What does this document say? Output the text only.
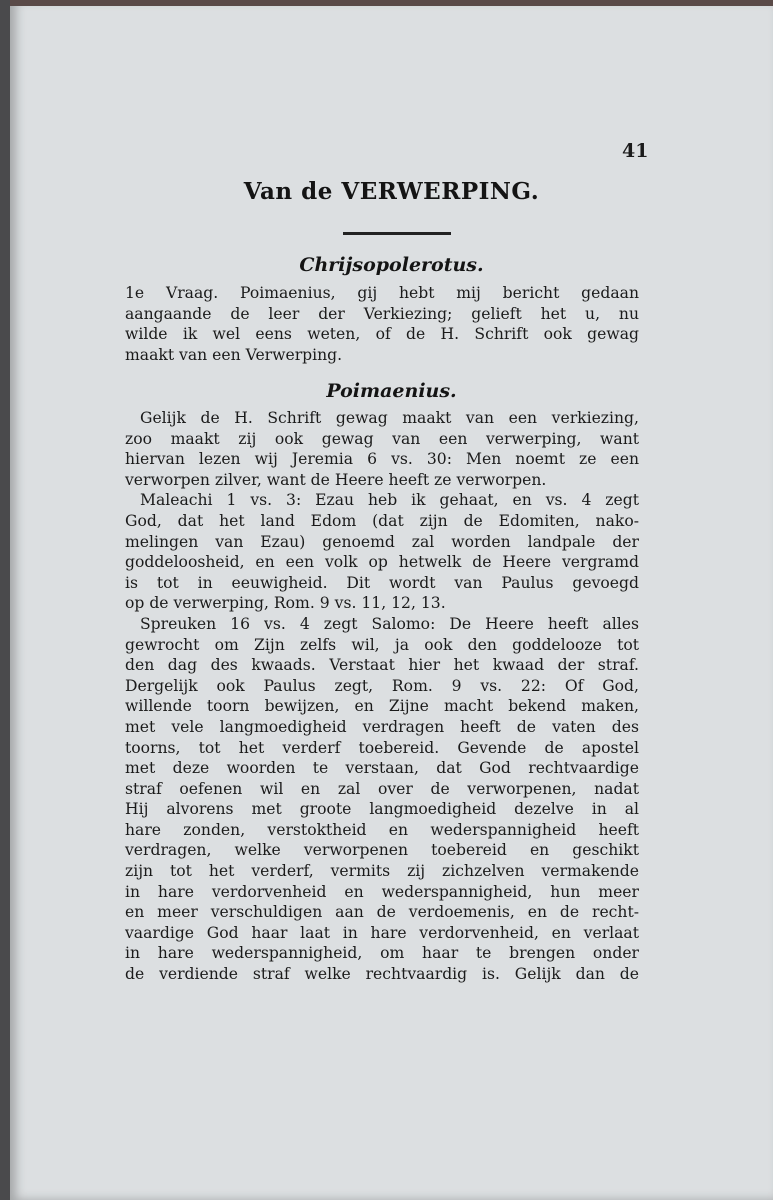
41
Van de VERWERPING.
Chrijsopolerotus.
1e Vraag. Poimaenius, gij hebt mij bericht gedaan
aangaande de leer der Verkiezing; gelieft het u, nu
wilde ik wel eens weten, of de H. Schrift ook gewag
maakt van een Verwerping.
Poimaenius.
Gelijk de H. Schrift gewag maakt van een verkiezing,
zoo maakt zij ook gewag van een verwerping, want
hiervan lezen wij Jeremia 6 vs. 30: Men noemt ze een
verworpen zilver, want de Heere heeft ze verworpen.
Maleachi 1 vs. 3: Ezau heb ik gehaat, en vs. 4 zegt
God, dat het land Edom (dat zijn de Edomiten, nako-
melingen van Ezau) genoemd zal worden landpale der
goddeloosheid, en een volk op hetwelk de Heere vergramd
is tot in eeuwigheid. Dit wordt van Paulus gevoegd
op de verwerping, Rom. 9 vs. 11, 12, 13.
Spreuken 16 vs. 4 zegt Salomo: De Heere heeft alles
gewrocht om Zijn zelfs wil, ja ook den goddelooze tot
den dag des kwaads. Verstaat hier het kwaad der straf.
Dergelijk ook Paulus zegt, Rom. 9 vs. 22: Of God,
willende toorn bewijzen, en Zijne macht bekend maken,
met vele langmoedigheid verdragen heeft de vaten des
toorns, tot het verderf toebereid. Gevende de apostel
met deze woorden te verstaan, dat God rechtvaardige
straf oefenen wil en zal over de verworpenen, nadat
Hij alvorens met groote langmoedigheid dezelve in al
hare zonden, verstoktheid en wederspannigheid heeft
verdragen, welke verworpenen toebereid en geschikt
zijn tot het verderf, vermits zij zichzelven vermakende
in hare verdorvenheid en wederspannigheid, hun meer
en meer verschuldigen aan de verdoemenis, en de recht-
vaardige God haar laat in hare verdorvenheid, en verlaat
in hare wederspannigheid, om haar te brengen onder
de verdiende straf welke rechtvaardig is. Gelijk dan de
